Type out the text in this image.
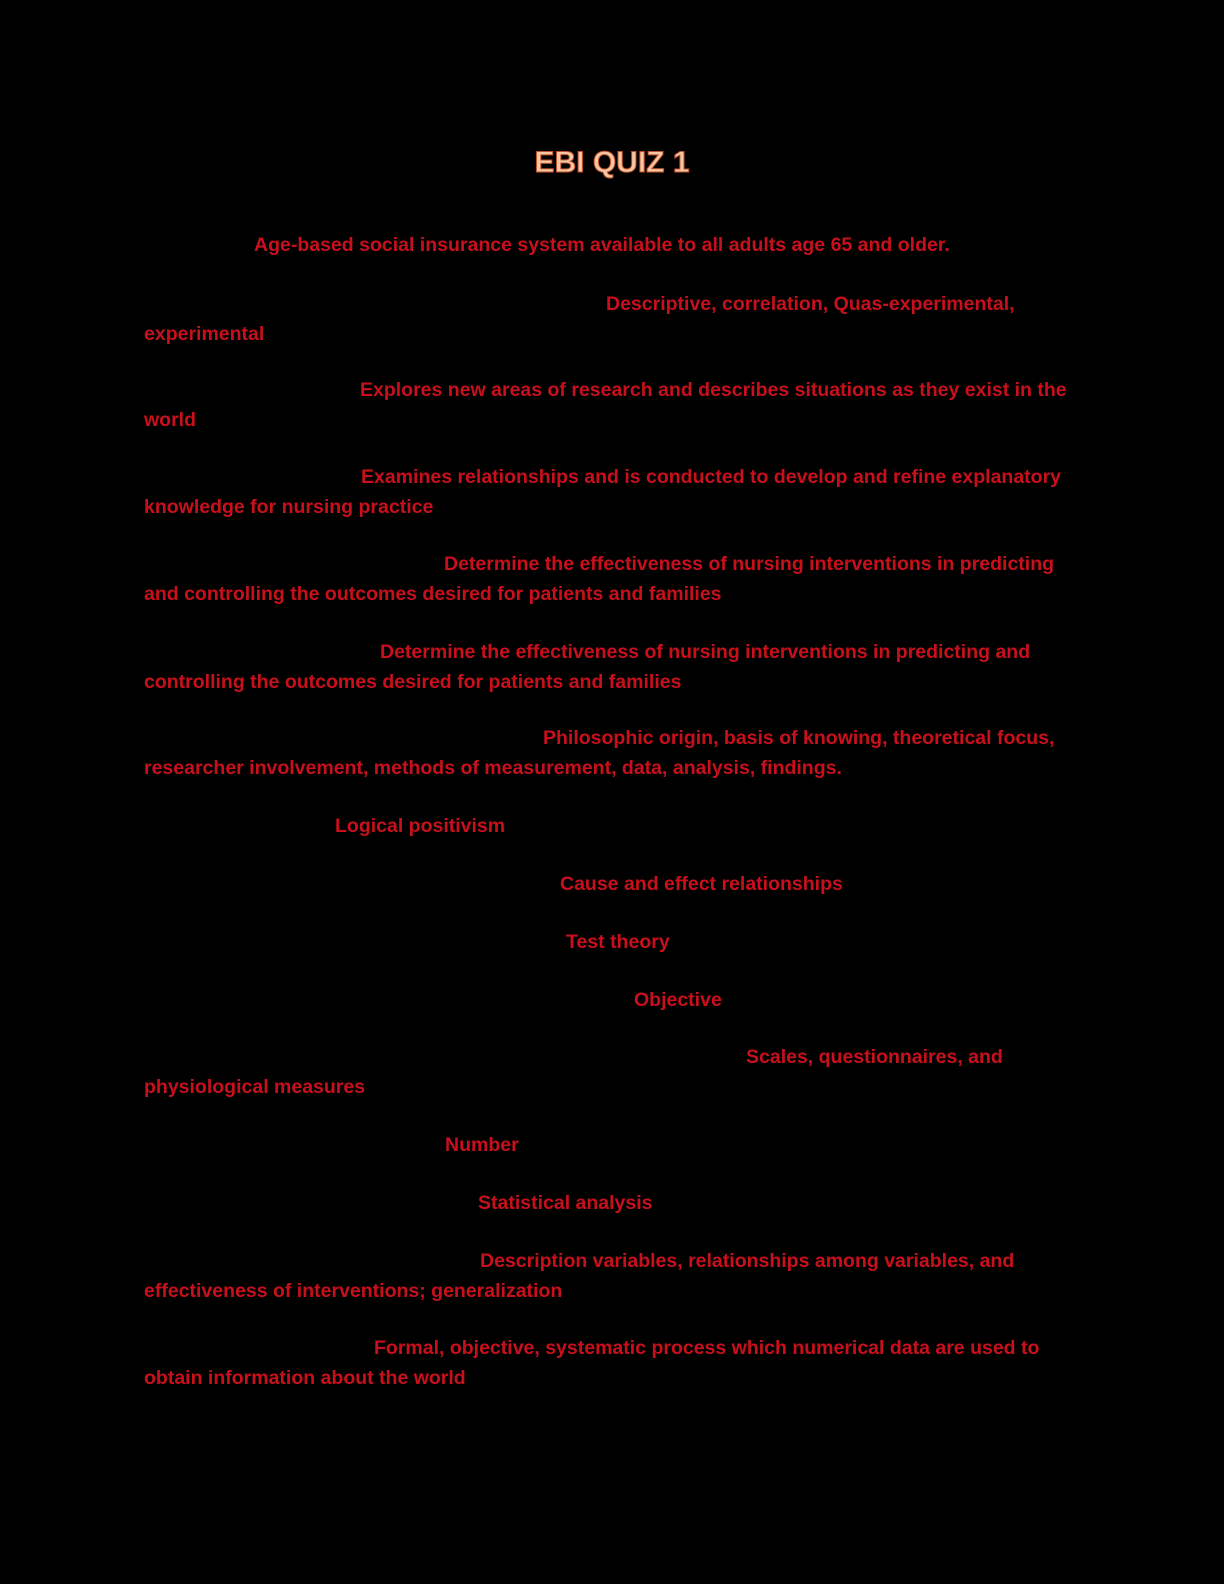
EBI QUIZ 1

Age-based social insurance system available to all adults age 65 and older.

Descriptive, correlation, Quas-experimental, experimental

Explores new areas of research and describes situations as they exist in the world

Examines relationships and is conducted to develop and refine explanatory knowledge for nursing practice

Determine the effectiveness of nursing interventions in predicting and controlling the outcomes desired for patients and families

Determine the effectiveness of nursing interventions in predicting and controlling the outcomes desired for patients and families

Philosophic origin, basis of knowing, theoretical focus, researcher involvement, methods of measurement, data, analysis, findings.

Logical positivism

Cause and effect relationships

Test theory

Objective

Scales, questionnaires, and physiological measures

Number

Statistical analysis

Description variables, relationships among variables, and effectiveness of interventions; generalization

Formal, objective, systematic process which numerical data are used to obtain information about the world
